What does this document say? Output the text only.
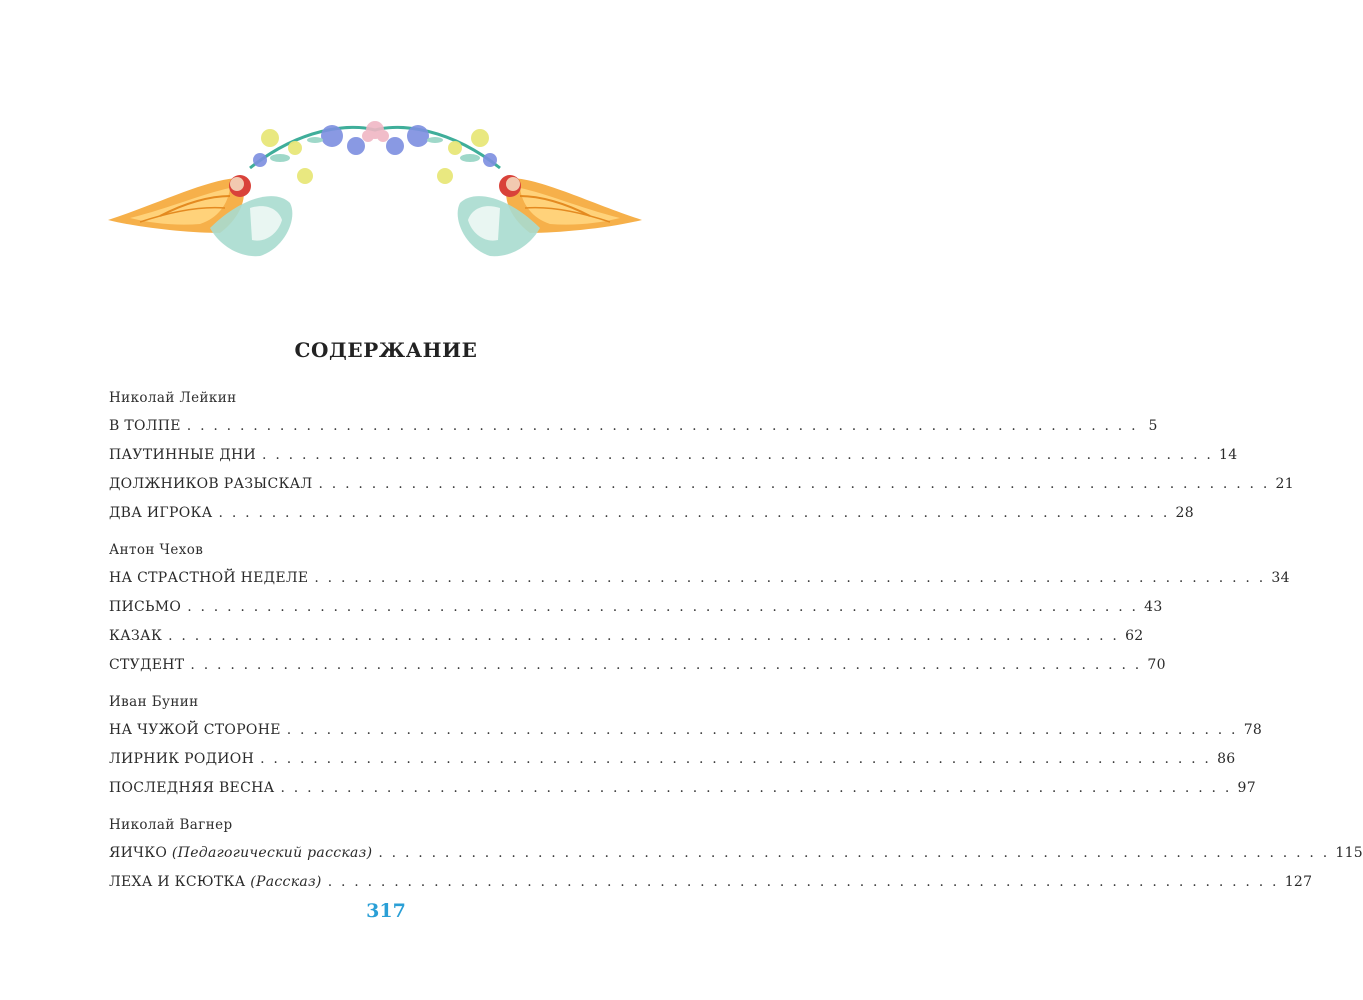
СОДЕРЖАНИЕ
Николай Лейкин
В ТОЛПЕ . . . . . . . . . . . . . . . . . . . . . . . . . . . . . . . . . . . . . . . . . . . . . . . . . . . . . . . . . . . . . . . . . . . . . . . . 5
ПАУТИННЫЕ ДНИ . . . . . . . . . . . . . . . . . . . . . . . . . . . . . . . . . . . . . . . . . . . . . . . . . . . . . . . . . . . . . . . . . . . . . . . . 14
ДОЛЖНИКОВ РАЗЫСКАЛ . . . . . . . . . . . . . . . . . . . . . . . . . . . . . . . . . . . . . . . . . . . . . . . . . . . . . . . . . . . . . . . . . . . . . . . . 21
ДВА ИГРОКА . . . . . . . . . . . . . . . . . . . . . . . . . . . . . . . . . . . . . . . . . . . . . . . . . . . . . . . . . . . . . . . . . . . . . . . . 28
Антон Чехов
НА СТРАСТНОЙ НЕДЕЛЕ . . . . . . . . . . . . . . . . . . . . . . . . . . . . . . . . . . . . . . . . . . . . . . . . . . . . . . . . . . . . . . . . . . . . . . . . 34
ПИСЬМО . . . . . . . . . . . . . . . . . . . . . . . . . . . . . . . . . . . . . . . . . . . . . . . . . . . . . . . . . . . . . . . . . . . . . . . . 43
КАЗАК . . . . . . . . . . . . . . . . . . . . . . . . . . . . . . . . . . . . . . . . . . . . . . . . . . . . . . . . . . . . . . . . . . . . . . . . 62
СТУДЕНТ . . . . . . . . . . . . . . . . . . . . . . . . . . . . . . . . . . . . . . . . . . . . . . . . . . . . . . . . . . . . . . . . . . . . . . . . 70
Иван Бунин
НА ЧУЖОЙ СТОРОНЕ . . . . . . . . . . . . . . . . . . . . . . . . . . . . . . . . . . . . . . . . . . . . . . . . . . . . . . . . . . . . . . . . . . . . . . . . 78
ЛИРНИК РОДИОН . . . . . . . . . . . . . . . . . . . . . . . . . . . . . . . . . . . . . . . . . . . . . . . . . . . . . . . . . . . . . . . . . . . . . . . . 86
ПОСЛЕДНЯЯ ВЕСНА . . . . . . . . . . . . . . . . . . . . . . . . . . . . . . . . . . . . . . . . . . . . . . . . . . . . . . . . . . . . . . . . . . . . . . . . 97
Николай Вагнер
ЯИЧКО (Педагогический рассказ) . . . . . . . . . . . . . . . . . . . . . . . . . . . . . . . . . . . . . . . . . . . . . . . . . . . . . . . . . . . . . . . . . . . . . . . . 115
ЛЕХА И КСЮТКА (Рассказ) . . . . . . . . . . . . . . . . . . . . . . . . . . . . . . . . . . . . . . . . . . . . . . . . . . . . . . . . . . . . . . . . . . . . . . . . 127
317
